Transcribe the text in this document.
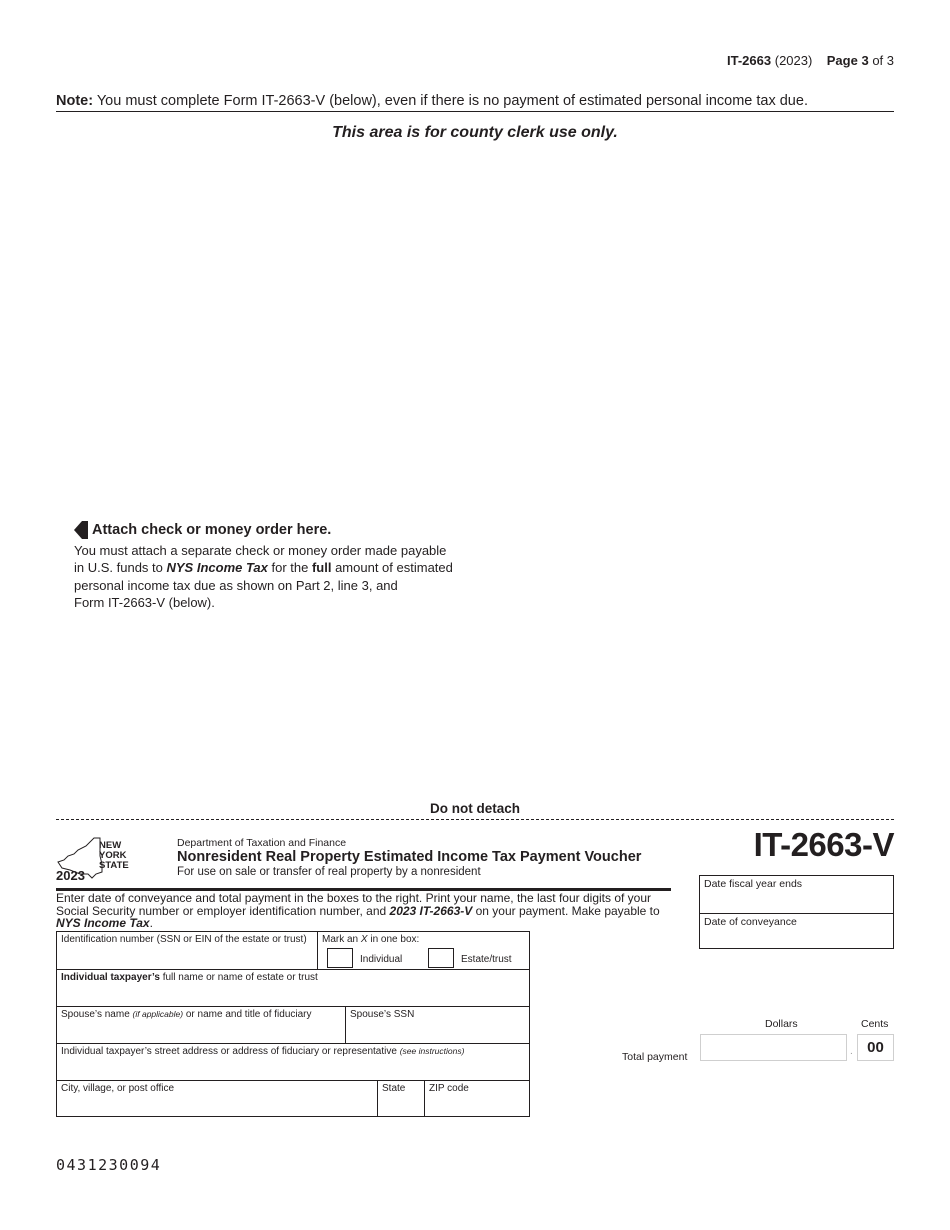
IT-2663 (2023) Page 3 of 3
Note: You must complete Form IT-2663-V (below), even if there is no payment of estimated personal income tax due.
This area is for county clerk use only.
Attach check or money order here.
You must attach a separate check or money order made payable
in U.S. funds to NYS Income Tax for the full amount of estimated
personal income tax due as shown on Part 2, line 3, and
Form IT-2663-V (below).
Do not detach
NEW
YORK
STATE
2023
Department of Taxation and Finance
Nonresident Real Property Estimated Income Tax Payment Voucher
For use on sale or transfer of real property by a nonresident
IT-2663-V
Enter date of conveyance and total payment in the boxes to the right. Print your name, the last four digits of your Social Security number or employer identification number, and 2023 IT-2663-V on your payment. Make payable to NYS Income Tax.
Identification number (SSN or EIN of the estate or trust)	Mark an X in one box:
Individual	Estate/trust
Individual taxpayer’s full name or name of estate or trust
Spouse’s name (if applicable) or name and title of fiduciary	Spouse’s SSN
Individual taxpayer’s street address or address of fiduciary or representative (see instructions)
City, village, or post office	State	ZIP code
Date fiscal year ends
Date of conveyance
Dollars	Cents
Total payment	. 00
0431230094
